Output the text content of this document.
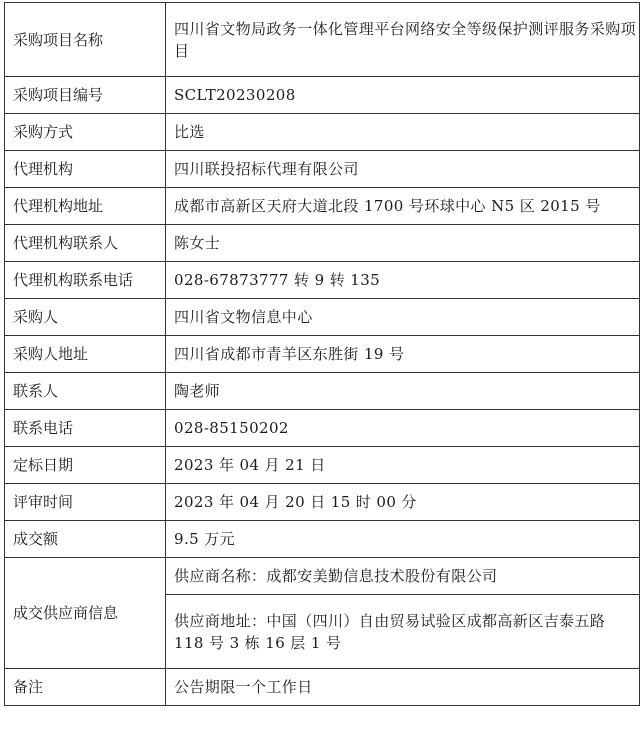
采购项目名称	四川省文物局政务一体化管理平台网络安全等级保护测评服务采购项目
采购项目编号	SCLT20230208
采购方式	比选
代理机构	四川联投招标代理有限公司
代理机构地址	成都市高新区天府大道北段 1700 号环球中心 N5 区 2015 号
代理机构联系人	陈女士
代理机构联系电话	028-67873777 转 9 转 135
采购人	四川省文物信息中心
采购人地址	四川省成都市青羊区东胜街 19 号
联系人	陶老师
联系电话	028-85150202
定标日期	2023 年 04 月 21 日
评审时间	2023 年 04 月 20 日 15 时 00 分
成交额	9.5 万元
成交供应商信息	供应商名称：成都安美勤信息技术股份有限公司
	供应商地址：中国（四川）自由贸易试验区成都高新区吉泰五路 118 号 3 栋 16 层 1 号
备注	公告期限一个工作日
